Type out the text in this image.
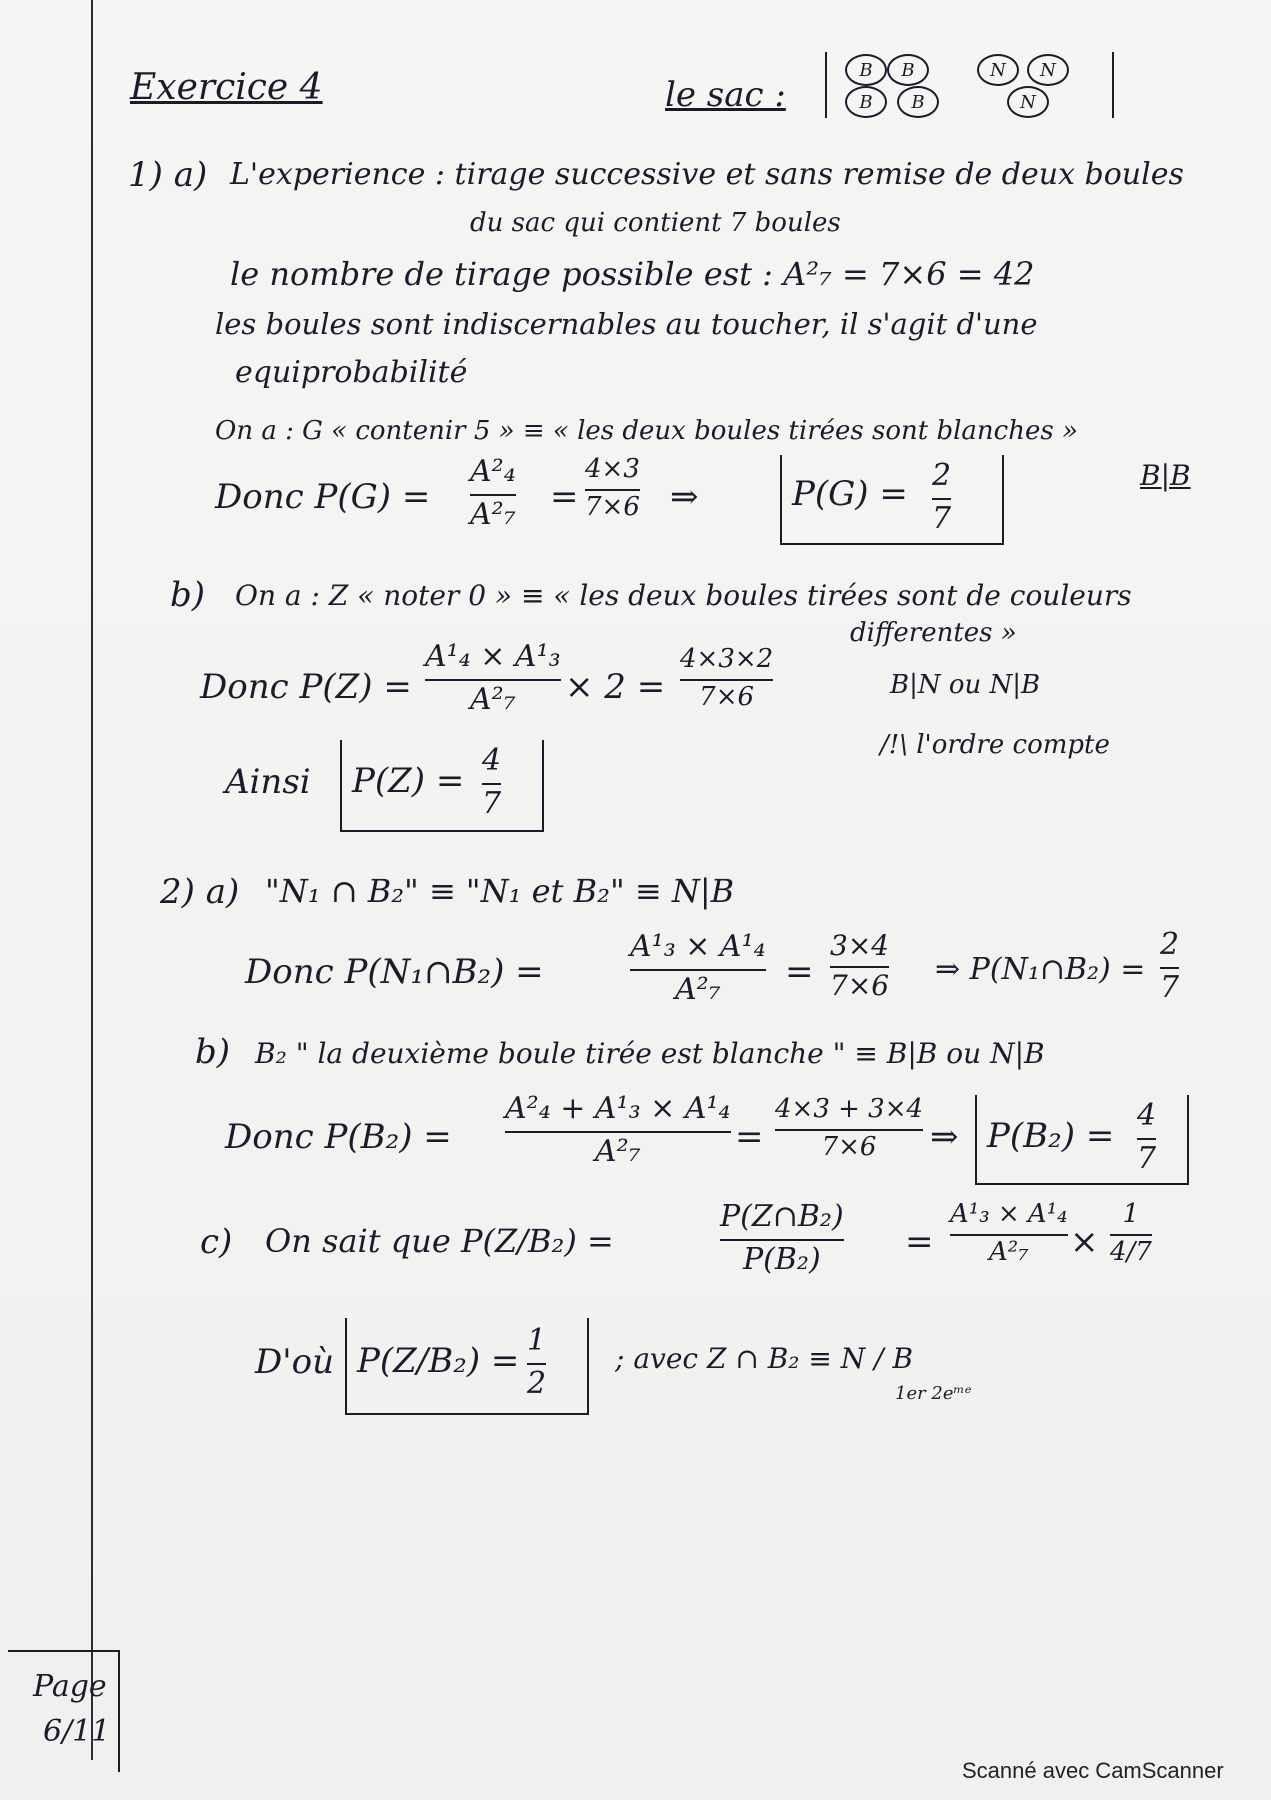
Exercice 4	le sac :
B	B
B	B
N	N
N
1) a) L'experience : tirage successive et sans remise de deux boules
du sac qui contient 7 boules
le nombre de tirage possible est : A²₇ = 7×6 = 42
les boules sont indiscernables au toucher, il s'agit d'une
equiprobabilité
On a : G « contenir 5 » ≡ « les deux boules tirées sont blanches »
Donc P(G) =
A²₄
A²₇ =
4×3
7×6 ⇒	P(G) = 2
7
B|B
b) On a : Z « noter 0 » ≡ « les deux boules tirées sont de couleurs
differentes »
Donc P(Z) =
A¹₄ × A¹₃
A²₇ × 2 =
4×3×2
7×6	B|N ou N|B
/!\ l'ordre compte
Ainsi P(Z) =
4
7
2) a) "N₁ ∩ B₂" ≡ "N₁ et B₂" ≡ N|B
Donc P(N₁∩B₂) =
A¹₃ × A¹₄
A²₇ =
3×4
7×6 ⇒ P(N₁∩B₂) =
2
7
b) B₂ " la deuxième boule tirée est blanche " ≡ B|B ou N|B
Donc P(B₂) =
A²₄ + A¹₃ × A¹₄
A²₇	=
4×3 + 3×4
7×6 ⇒ P(B₂) =
4
7
c) On sait que P(Z/B₂) =
P(Z∩B₂)
P(B₂) =
A¹₃ × A¹₄
A²₇ ×
1
4/7
D'où P(Z/B₂) =
1
2
; avec Z ∩ B₂ ≡ N / B
1er 2eᵐᵉ
Page
6/11
Scanné avec CamScanner
